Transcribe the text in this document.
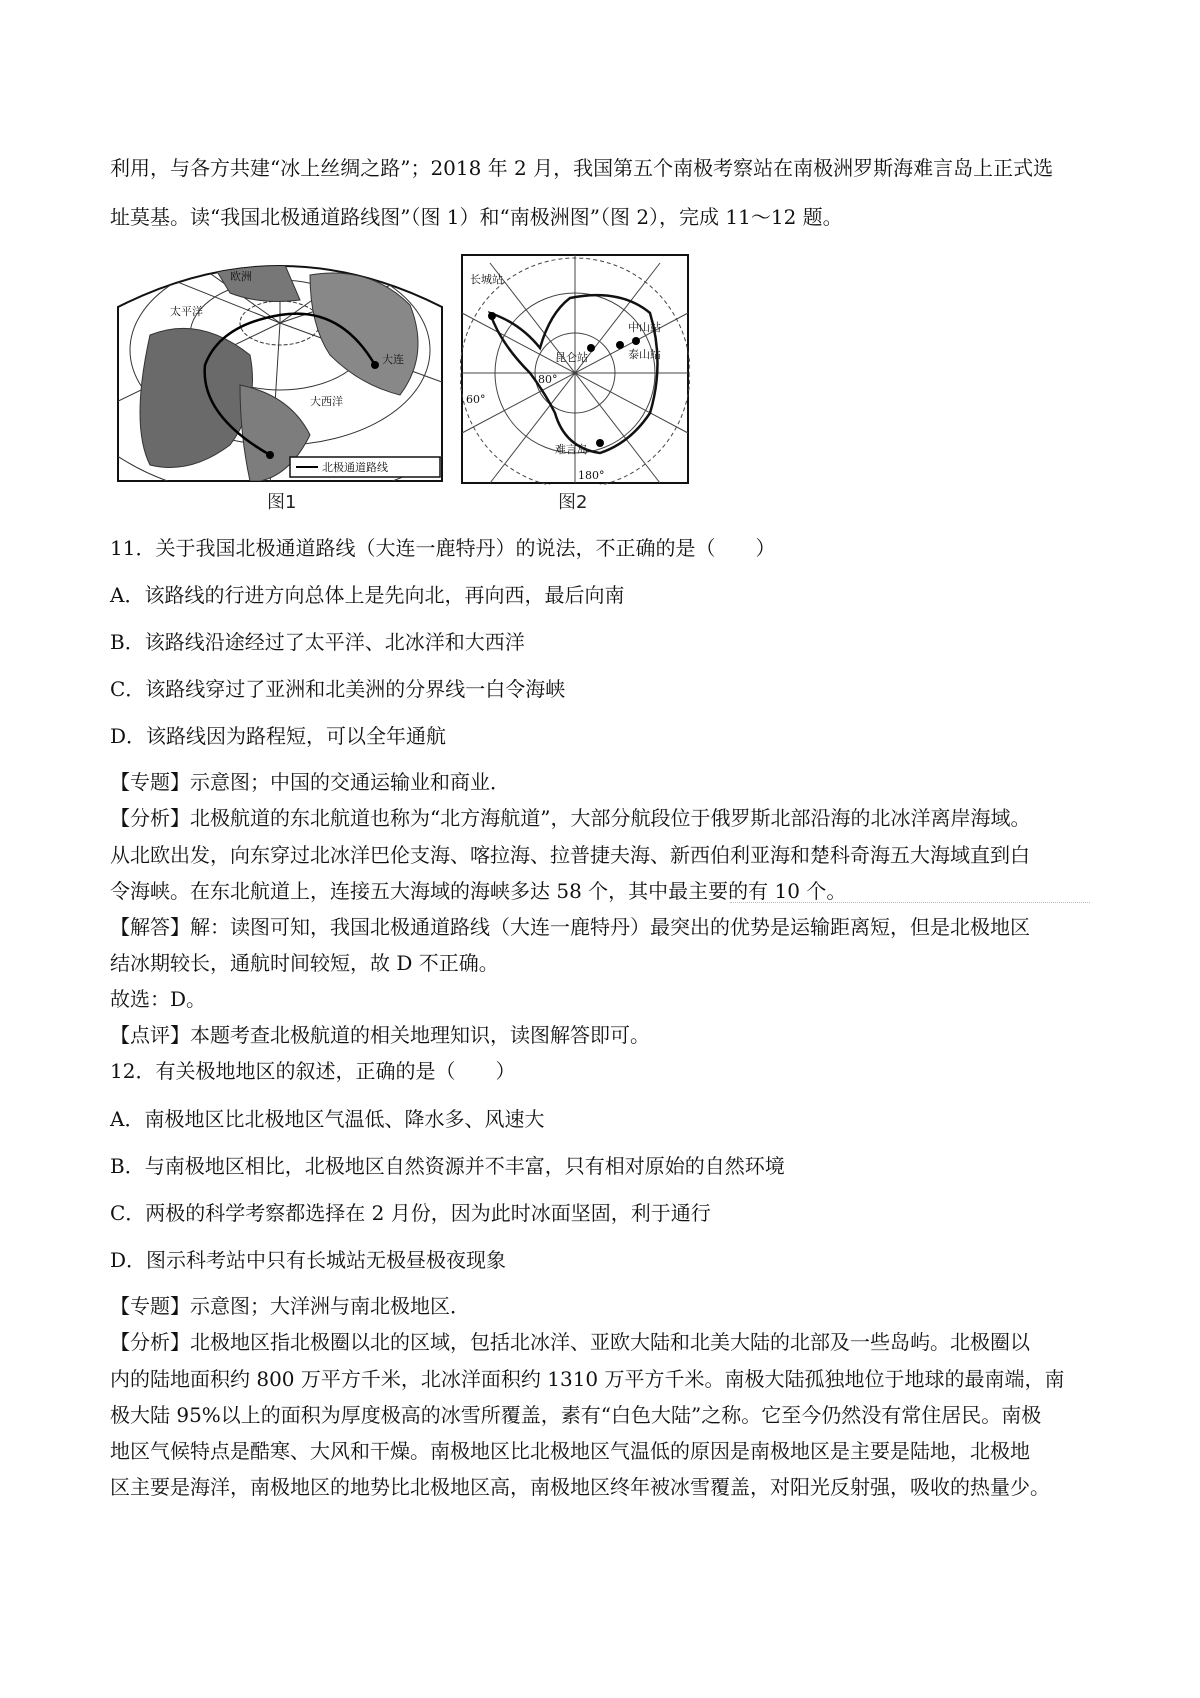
利用，与各方共建“冰上丝绸之路”；2018 年 2 月，我国第五个南极考察站在南极洲罗斯海难言岛上正式选
址莫基。读“我国北极通道路线图”（图 1）和“南极洲图”（图 2），完成 11～12 题。
欧洲
太平洋
大连
大西洋
北极通道路线
图1
长城站
昆仑站
中山站
泰山站
难言岛
80°
60°
180°
图2
11．关于我国北极通道路线（大连一鹿特丹）的说法，不正确的是（　　）
A．该路线的行进方向总体上是先向北，再向西，最后向南
B．该路线沿途经过了太平洋、北冰洋和大西洋
C．该路线穿过了亚洲和北美洲的分界线一白令海峡
D．该路线因为路程短，可以全年通航
【专题】示意图；中国的交通运输业和商业．
【分析】北极航道的东北航道也称为“北方海航道”，大部分航段位于俄罗斯北部沿海的北冰洋离岸海域。
从北欧出发，向东穿过北冰洋巴伦支海、喀拉海、拉普捷夫海、新西伯利亚海和楚科奇海五大海域直到白
令海峡。在东北航道上，连接五大海域的海峡多达 58 个，其中最主要的有 10 个。
【解答】解：读图可知，我国北极通道路线（大连一鹿特丹）最突出的优势是运输距离短，但是北极地区
结冰期较长，通航时间较短，故 D 不正确。
故选：D。
【点评】本题考查北极航道的相关地理知识，读图解答即可。
12．有关极地地区的叙述，正确的是（　　）
A．南极地区比北极地区气温低、降水多、风速大
B．与南极地区相比，北极地区自然资源并不丰富，只有相对原始的自然环境
C．两极的科学考察都选择在 2 月份，因为此时冰面坚固，利于通行
D．图示科考站中只有长城站无极昼极夜现象
【专题】示意图；大洋洲与南北极地区．
【分析】北极地区指北极圈以北的区域，包括北冰洋、亚欧大陆和北美大陆的北部及一些岛屿。北极圈以
内的陆地面积约 800 万平方千米，北冰洋面积约 1310 万平方千米。南极大陆孤独地位于地球的最南端，南
极大陆 95%以上的面积为厚度极高的冰雪所覆盖，素有“白色大陆”之称。它至今仍然没有常住居民。南极
地区气候特点是酷寒、大风和干燥。南极地区比北极地区气温低的原因是南极地区是主要是陆地，北极地
区主要是海洋，南极地区的地势比北极地区高，南极地区终年被冰雪覆盖，对阳光反射强，吸收的热量少。
